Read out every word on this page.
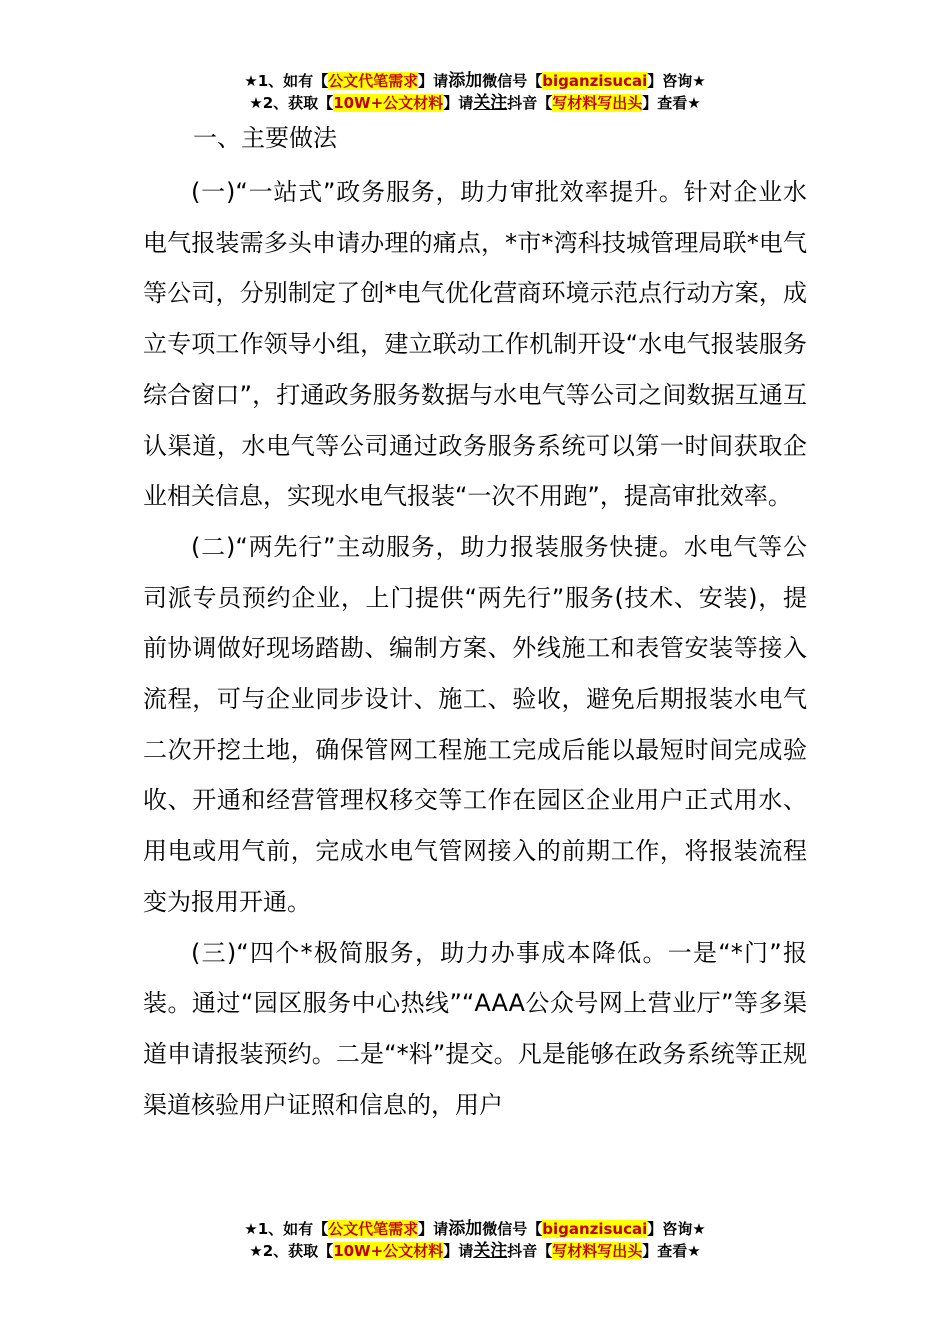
★1、如有【公文代笔需求】请添加微信号【biganzisucai】咨询★
★2、获取【10W+公文材料】请关注抖音【写材料写出头】查看★

一、主要做法

(一)“一站式”政务服务，助力审批效率提升。针对企业水电气报装需多头申请办理的痛点，*市*湾科技城管理局联*电气等公司，分别制定了创*电气优化营商环境示范点行动方案，成立专项工作领导小组，建立联动工作机制开设“水电气报装服务综合窗口”，打通政务服务数据与水电气等公司之间数据互通互认渠道，水电气等公司通过政务服务系统可以第一时间获取企业相关信息，实现水电气报装“一次不用跑”，提高审批效率。

(二)“两先行”主动服务，助力报装服务快捷。水电气等公司派专员预约企业，上门提供“两先行”服务(技术、安装)，提前协调做好现场踏勘、编制方案、外线施工和表管安装等接入流程，可与企业同步设计、施工、验收，避免后期报装水电气二次开挖土地，确保管网工程施工完成后能以最短时间完成验收、开通和经营管理权移交等工作在园区企业用户正式用水、用电或用气前，完成水电气管网接入的前期工作，将报装流程变为报用开通。

(三)“四个*极简服务，助力办事成本降低。一是“*门”报装。通过“园区服务中心热线”“AAA公众号网上营业厅”等多渠道申请报装预约。二是“*料”提交。凡是能够在政务系统等正规渠道核验用户证照和信息的，用户

★1、如有【公文代笔需求】请添加微信号【biganzisucai】咨询★
★2、获取【10W+公文材料】请关注抖音【写材料写出头】查看★
